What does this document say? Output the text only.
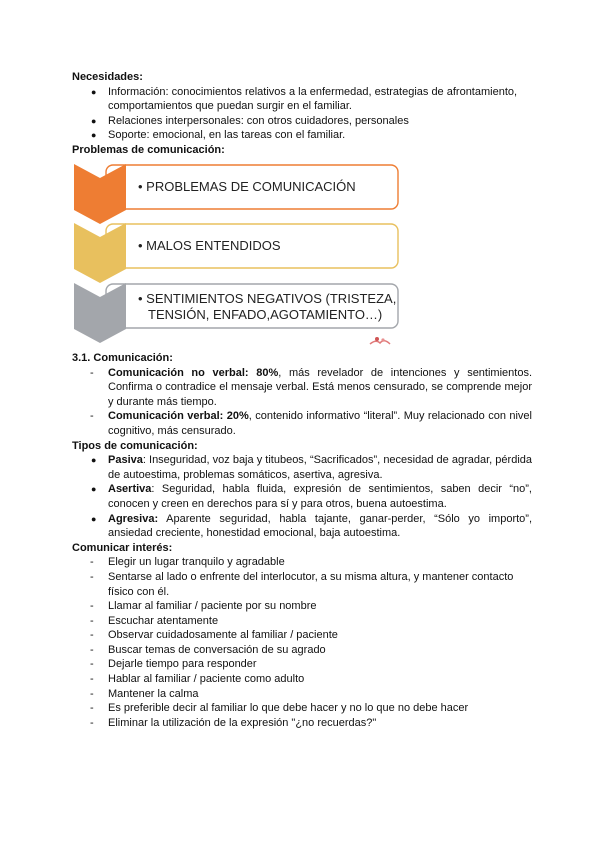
Necesidades:
● Información: conocimientos relativos a la enfermedad, estrategias de afrontamiento, comportamientos que puedan surgir en el familiar.
● Relaciones interpersonales: con otros cuidadores, personales
● Soporte: emocional, en las tareas con el familiar.
Problemas de comunicación:
• PROBLEMAS DE COMUNICACIÓN
• MALOS ENTENDIDOS
• SENTIMIENTOS NEGATIVOS (TRISTEZA,
TENSIÓN, ENFADO,AGOTAMIENTO…)
3.1. Comunicación:
- Comunicación no verbal: 80%, más revelador de intenciones y sentimientos. Confirma o contradice el mensaje verbal. Está menos censurado, se comprende mejor y durante más tiempo.
- Comunicación verbal: 20%, contenido informativo “literal”. Muy relacionado con nivel cognitivo, más censurado.
Tipos de comunicación:
● Pasiva: Inseguridad, voz baja y titubeos, “Sacrificados”, necesidad de agradar, pérdida de autoestima, problemas somáticos, asertiva, agresiva.
● Asertiva: Seguridad, habla fluida, expresión de sentimientos, saben decir “no”, conocen y creen en derechos para sí y para otros, buena autoestima.
● Agresiva: Aparente seguridad, habla tajante, ganar-perder, “Sólo yo importo”, ansiedad creciente, honestidad emocional, baja autoestima.
Comunicar interés:
- Elegir un lugar tranquilo y agradable
- Sentarse al lado o enfrente del interlocutor, a su misma altura, y mantener contacto físico con él.
- Llamar al familiar / paciente por su nombre
- Escuchar atentamente
- Observar cuidadosamente al familiar / paciente
- Buscar temas de conversación de su agrado
- Dejarle tiempo para responder
- Hablar al familiar / paciente como adulto
- Mantener la calma
- Es preferible decir al familiar lo que debe hacer y no lo que no debe hacer
- Eliminar la utilización de la expresión "¿no recuerdas?"
